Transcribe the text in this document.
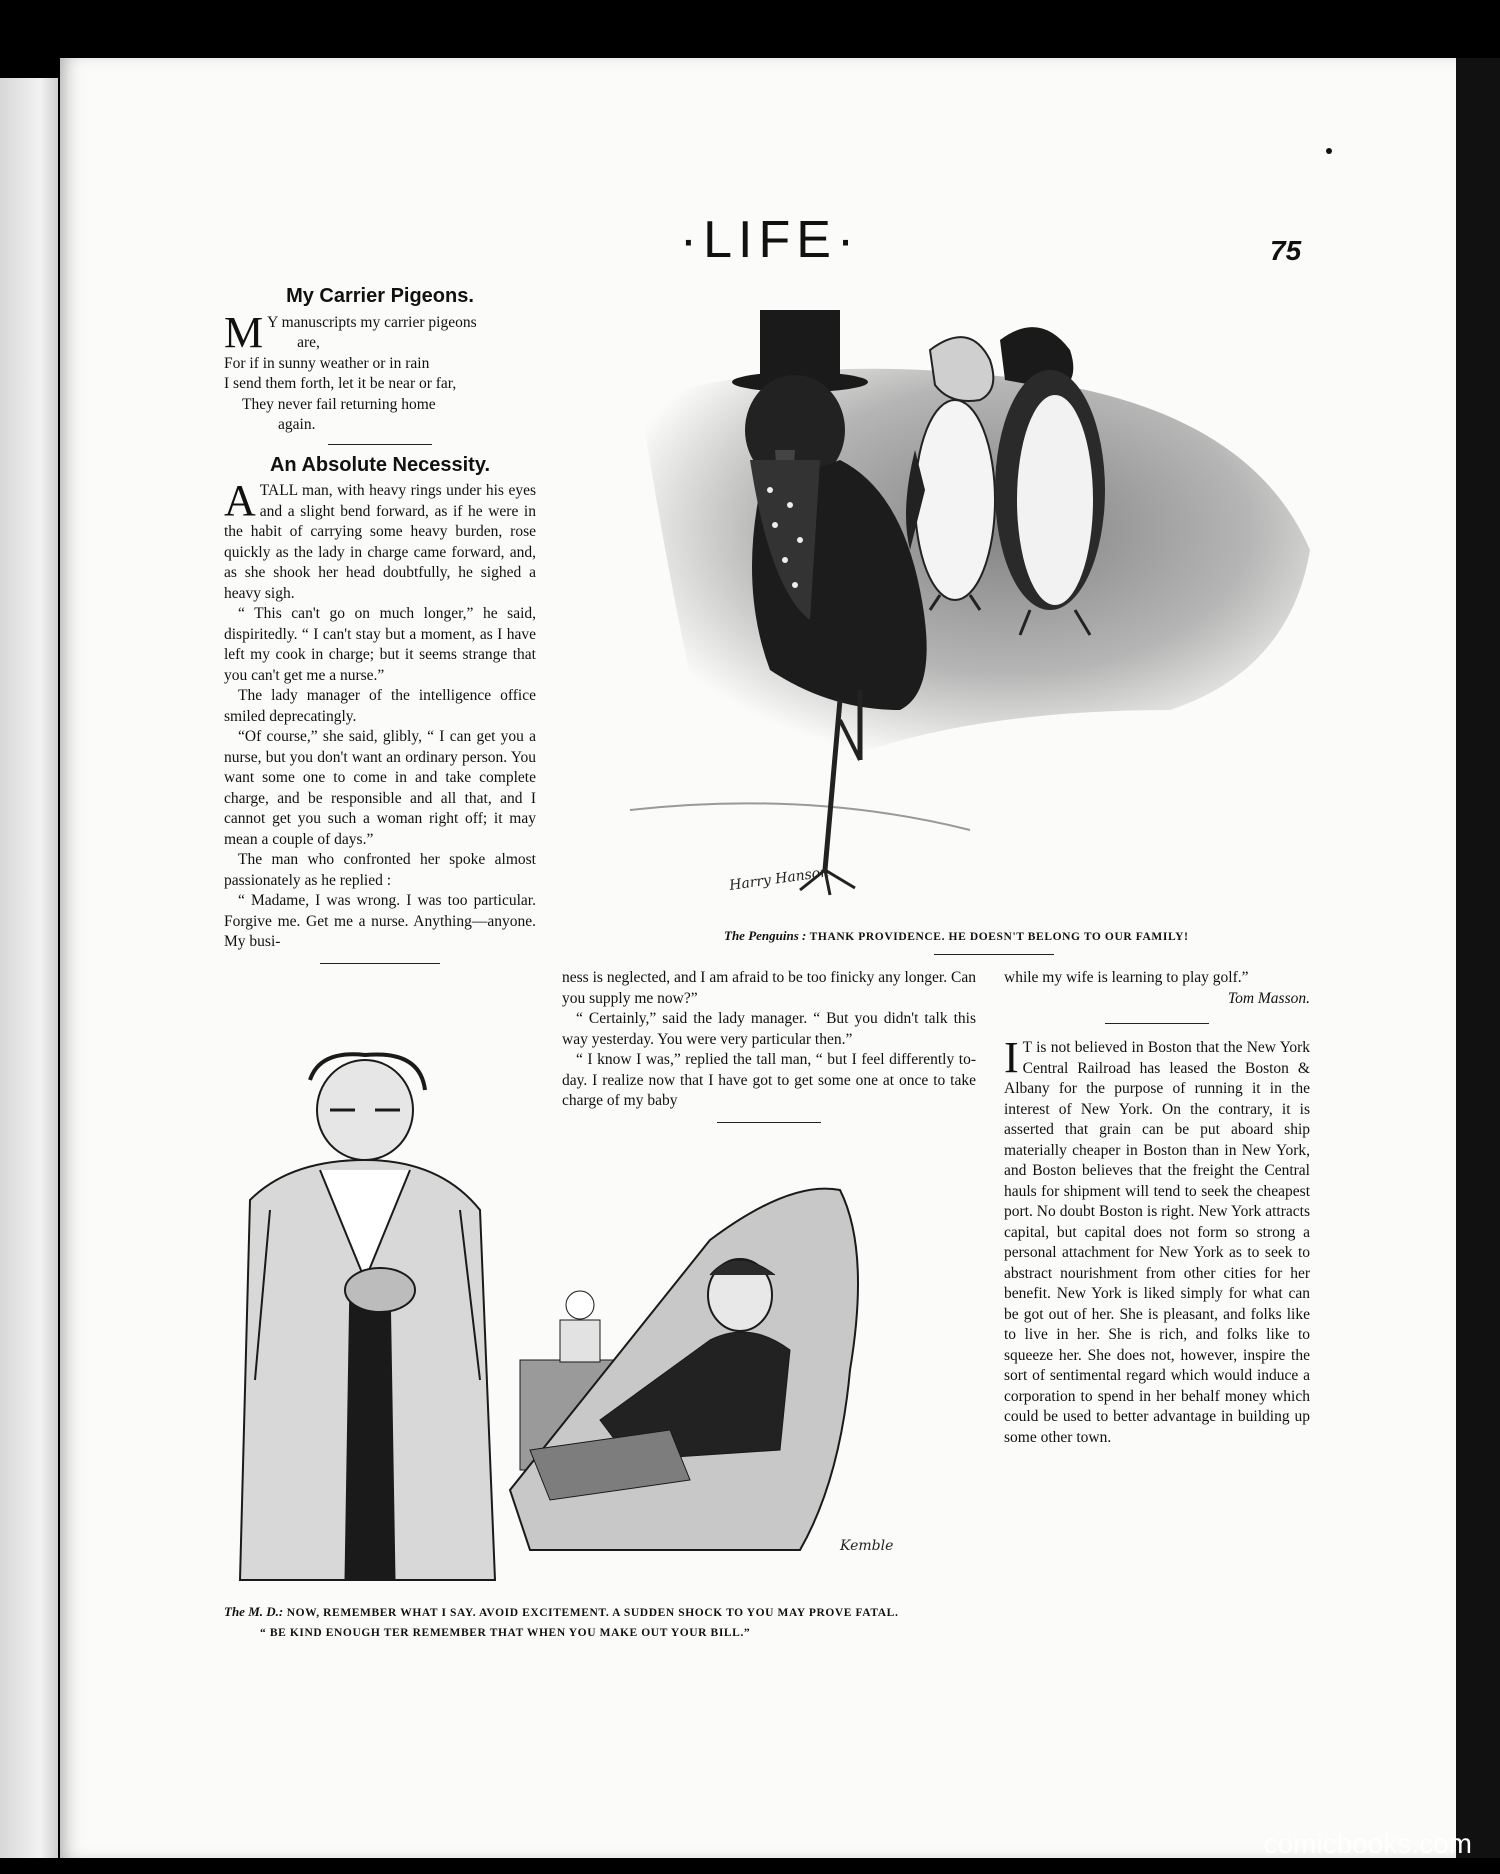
·LIFE·	75
My Carrier Pigeons.

M Y manuscripts my carrier pigeons
are,
For if in sunny weather or in rain
I send them forth, let it be near or far,
They never fail returning home
again.

An Absolute Necessity.

A TALL man, with heavy rings under his eyes and a slight bend forward, as if he were in the habit of carrying some heavy burden, rose quickly as the lady in charge came forward, and, as she shook her head doubtfully, he sighed a heavy sigh.

“ This can't go on much longer,” he said, dispiritedly. “ I can't stay but a moment, as I have left my cook in charge; but it seems strange that you can't get me a nurse.”

The lady manager of the intelligence office smiled deprecatingly.

“Of course,” she said, glibly, “ I can get you a nurse, but you don't want an ordinary person. You want some one to come in and take complete charge, and be responsible and all that, and I cannot get you such a woman right off; it may mean a couple of days.”

The man who confronted her spoke almost passionately as he replied :

“ Madame, I was wrong. I was too particular. Forgive me. Get me a nurse. Anything—anyone. My busi-

Harry Hanson
The Penguins : THANK PROVIDENCE. HE DOESN'T BELONG TO OUR FAMILY!

ness is neglected, and I am afraid to be too finicky any longer. Can you supply me now?”

“ Certainly,” said the lady manager. “ But you didn't talk this way yesterday. You were very particular then.”

“ I know I was,” replied the tall man, “ but I feel differently to-day. I realize now that I have got to get some one at once to take charge of my baby

while my wife is learning to play golf.”

Tom Masson.

I T is not believed in Boston that the New York Central Railroad has leased the Boston & Albany for the purpose of running it in the interest of New York. On the contrary, it is asserted that grain can be put aboard ship materially cheaper in Boston than in New York, and Boston believes that the freight the Central hauls for shipment will tend to seek the cheapest port. No doubt Boston is right. New York attracts capital, but capital does not form so strong a personal attachment for New York as to seek to abstract nourishment from other cities for her benefit. New York is liked simply for what can be got out of her. She is pleasant, and folks like to live in her. She is rich, and folks like to squeeze her. She does not, however, inspire the sort of sentimental regard which would induce a corporation to spend in her behalf money which could be used to better advantage in building up some other town.

Kemble
The M. D.: NOW, REMEMBER WHAT I SAY. AVOID EXCITEMENT. A SUDDEN SHOCK TO YOU MAY PROVE FATAL.
“ BE KIND ENOUGH TER REMEMBER THAT WHEN YOU MAKE OUT YOUR BILL.”
comicbooks.com
